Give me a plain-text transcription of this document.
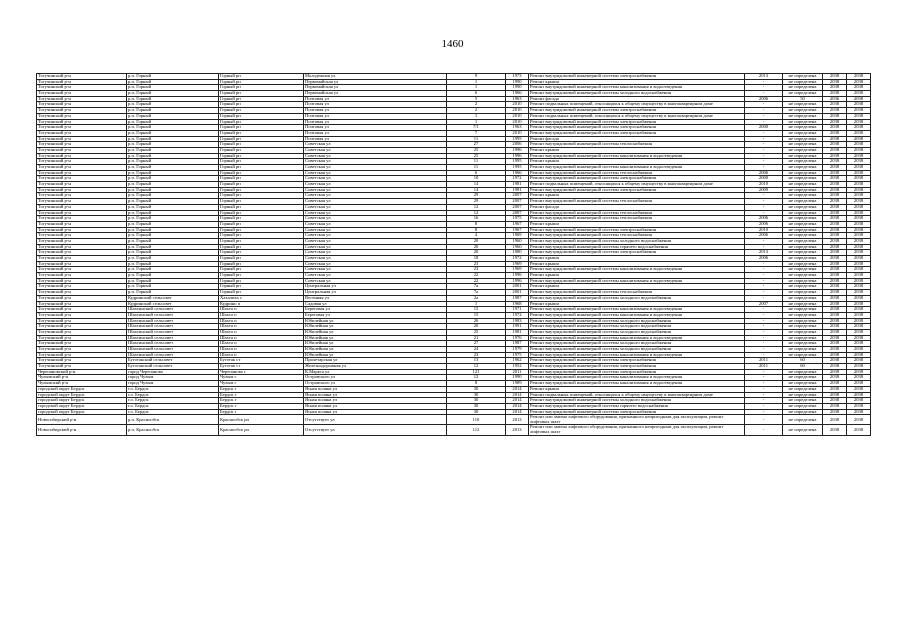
1460
Тогучинский р-н	р.п. Горный	Горный рп	Молодежная ул	9	1973	Ремонт внутридомовой инженерной системы электроснабжения	2013	не определена	2038	2038
Тогучинский р-н	р.п. Горный	Горный рп	Первомайская ул	1	1990	Ремонт крыши	-	не определена	2038	2038
Тогучинский р-н	р.п. Горный	Горный рп	Первомайская ул	1	1990	Ремонт внутридомовой инженерной системы канализования и водоотведения	-	не определена	2038	2038
Тогучинский р-н	р.п. Горный	Горный рп	Первомайская ул	6	1966	Ремонт внутридомовой инженерной системы холодного водоснабжения	-	не определена	2038	2038
Тогучинский р-н	р.п. Горный	Горный рп	Почтовая ул	5	1963	Ремонт фасада	2006	50	2036	2038
Тогучинский р-н	р.п. Горный	Горный рп	Почтовая ул	2	2010	Ремонт подвальных помещений, относящихся к общему имуществу в многоквартирном доме	-	не определена	2038	2038
Тогучинский р-н	р.п. Горный	Горный рп	Почтовая ул	2	2010	Ремонт внутридомовой инженерной системы электроснабжения	-	не определена	2038	2038
Тогучинский р-н	р.п. Горный	Горный рп	Почтовая ул	1	2010	Ремонт подвальных помещений, относящихся к общему имуществу в многоквартирном доме	-	не определена	2038	2038
Тогучинский р-н	р.п. Горный	Горный рп	Почтовая ул	1	2010	Ремонт внутридомовой инженерной системы электроснабжения	-	не определена	2038	2038
Тогучинский р-н	р.п. Горный	Горный рп	Почтовая ул	7/1	1963	Ремонт внутридомовой инженерной системы электроснабжения	2000	не определена	2038	2038
Тогучинский р-н	р.п. Горный	Горный рп	Почтовая ул	7	2010	Ремонт внутридомовой инженерной системы электроснабжения	-	не определена	2038	2038
Тогучинский р-н	р.п. Горный	Горный рп	Почтовая ул	11	1995	Ремонт фасада	-	не определена	2038	2038
Тогучинский р-н	р.п. Горный	Горный рп	Советская ул	27	2006	Ремонт внутридомовой инженерной системы теплоснабжения	-	не определена	2038	2038
Тогучинский р-н	р.п. Горный	Горный рп	Советская ул	25	1996	Ремонт крыши	-	не определена	2038	2038
Тогучинский р-н	р.п. Горный	Горный рп	Советская ул	25	1996	Ремонт внутридомовой инженерной системы канализования и водоотведения	-	не определена	2038	2038
Тогучинский р-н	р.п. Горный	Горный рп	Советская ул	11	1995	Ремонт крыши	-	не определена	2038	2038
Тогучинский р-н	р.п. Горный	Горный рп	Советская ул	11	1995	Ремонт внутридомовой инженерной системы канализования и водоотведения	-	не определена	2038	2038
Тогучинский р-н	р.п. Горный	Горный рп	Советская ул	6	1966	Ремонт внутридомовой инженерной системы теплоснабжения	2006	не определена	2038	2038
Тогучинский р-н	р.п. Горный	Горный рп	Советская ул	10	1972	Ремонт внутридомовой инженерной системы электроснабжения	2000	не определена	2038	2038
Тогучинский р-н	р.п. Горный	Горный рп	Советская ул	14	1981	Ремонт подвальных помещений, относящихся к общему имуществу в многоквартирном доме	2010	не определена	2038	2038
Тогучинский р-н	р.п. Горный	Горный рп	Советская ул	14	1981	Ремонт внутридомовой инженерной системы электроснабжения	2009	не определена	2038	2038
Тогучинский р-н	р.п. Горный	Горный рп	Советская ул	29	2007	Ремонт крыши	-	не определена	2038	2038
Тогучинский р-н	р.п. Горный	Горный рп	Советская ул	29	2007	Ремонт внутридомовой инженерной системы теплоснабжения	-	не определена	2038	2038
Тогучинский р-н	р.п. Горный	Горный рп	Советская ул	12	2007	Ремонт фасада	-	не определена	2038	2038
Тогучинский р-н	р.п. Горный	Горный рп	Советская ул	12	2007	Ремонт внутридомовой инженерной системы теплоснабжения	-	не определена	2038	2038
Тогучинский р-н	р.п. Горный	Горный рп	Советская ул	16	1975	Ремонт внутридомовой инженерной системы теплоснабжения	2006	не определена	2038	2038
Тогучинский р-н	р.п. Горный	Горный рп	Советская ул	8	1967	Ремонт крыши	2006	не определена	2038	2038
Тогучинский р-н	р.п. Горный	Горный рп	Советская ул	8	1967	Ремонт внутридомовой инженерной системы электроснабжения	2010	не определена	2038	2038
Тогучинский р-н	р.п. Горный	Горный рп	Советская ул	4	1969	Ремонт внутридомовой инженерной системы теплоснабжения	2006	не определена	2038	2038
Тогучинский р-н	р.п. Горный	Горный рп	Советская ул	20	1960	Ремонт внутридомовой инженерной системы холодного водоснабжения	-	не определена	2038	2038
Тогучинский р-н	р.п. Горный	Горный рп	Советская ул	20	1960	Ремонт внутридомовой инженерной системы горячего водоснабжения	-	не определена	2038	2038
Тогучинский р-н	р.п. Горный	Горный рп	Советская ул	20	1980	Ремонт внутридомовой инженерной системы электроснабжения	2013	не определена	2038	2038
Тогучинский р-н	р.п. Горный	Горный рп	Советская ул	18	1972	Ремонт крыши	2006	не определена	2038	2038
Тогучинский р-н	р.п. Горный	Горный рп	Советская ул	23	1969	Ремонт крыши	-	не определена	2038	2038
Тогучинский р-н	р.п. Горный	Горный рп	Советская ул	23	1969	Ремонт внутридомовой инженерной системы канализования и водоотведения	-	не определена	2038	2038
Тогучинский р-н	р.п. Горный	Горный рп	Советская ул	22	1996	Ремонт крыши	-	не определена	2038	2038
Тогучинский р-н	р.п. Горный	Горный рп	Советская ул	22	1996	Ремонт внутридомовой инженерной системы канализования и водоотведения	-	не определена	2038	2038
Тогучинский р-н	р.п. Горный	Горный рп	Центральная ул	7а	2001	Ремонт крыши	-	не определена	2038	2038
Тогучинский р-н	р.п. Горный	Горный рп	Центральная ул	7а	2001	Ремонт внутридомовой инженерной системы теплоснабжения	-	не определена	2038	2038
Тогучинский р-н	Кудринский сельсовет	Хахалиха с	Весенняя ул	2а	1987	Ремонт внутридомовой инженерной системы холодного водоснабжения	-	не определена	2038	2038
Тогучинский р-н	Кудринский сельсовет	Кудрино п	Садовая ул	1	1968	Ремонт крыши	2007	не определена	2038	2038
Тогучинский р-н	Шахтинский сельсовет	Шахта п	Береговая ул	15	1971	Ремонт внутридомовой инженерной системы канализования и водоотведения	-	не определена	2038	2038
Тогучинский р-н	Шахтинский сельсовет	Шахта п	Береговая ул	15	1972	Ремонт внутридомовой инженерной системы канализования и водоотведения	-	не определена	2038	2038
Тогучинский р-н	Шахтинский сельсовет	Шахта п	Юбилейная ул	26	1983	Ремонт внутридомовой инженерной системы холодного водоснабжения	-	не определена	2038	2038
Тогучинский р-н	Шахтинский сельсовет	Шахта п	Юбилейная ул	20	1991	Ремонт внутридомовой инженерной системы холодного водоснабжения	-	не определена	2038	2038
Тогучинский р-н	Шахтинский сельсовет	Шахта п	Юбилейная ул	25	1981	Ремонт внутридомовой инженерной системы холодного водоснабжения	-	не определена	2038	2038
Тогучинский р-н	Шахтинский сельсовет	Шахта п	Юбилейная ул	21	1976	Ремонт внутридомовой инженерной системы канализования и водоотведения	-	не определена	2038	2038
Тогучинский р-н	Шахтинский сельсовет	Шахта п	Юбилейная ул	27	1987	Ремонт внутридомовой инженерной системы холодного водоснабжения	-	не определена	2038	2038
Тогучинский р-н	Шахтинский сельсовет	Шахта п	Юбилейная ул	24	1979	Ремонт внутридомовой инженерной системы холодного водоснабжения	-	не определена	2038	2038
Тогучинский р-н	Шахтинский сельсовет	Шахта п	Юбилейная ул	23	1975	Ремонт внутридомовой инженерной системы канализования и водоотведения	-	не определена	2038	2038
Тогучинский р-н	Буготакский сельсовет	Буготак ст	Пролетарская ул	13	1962	Ремонт внутридомовой инженерной системы электроснабжения	2011	60	2038	2038
Тогучинский р-н	Буготакский сельсовет	Буготак ст	Железнодорожная ул	12	1952	Ремонт внутридомовой инженерной системы электроснабжения	2011	60	2038	2038
Черепановский р-н	город Черепаново	Черепаново г	К.Маркса ул	121	2011	Ремонт внутридомовой инженерной системы электроснабжения	-	не определена	2038	2038
Чулымский р-н	город Чулым	Чулым г	Островского ул	12	1990	Ремонт внутридомовой инженерной системы канализования и водоотведения	-	не определена	2038	2038
Чулымский р-н	город Чулым	Чулым г	Островского ул	8	1989	Ремонт внутридомовой инженерной системы канализования и водоотведения	-	не определена	2038	2038
городской округ Бердск	г.о. Бердск	Бердск г	Ясная поляна ул	30	2014	Ремонт крыши	-	не определена	2038	2038
городской округ Бердск	г.о. Бердск	Бердск г	Ясная поляна ул	30	2014	Ремонт подвальных помещений, относящихся к общему имуществу в многоквартирном доме	-	не определена	2038	2038
городской округ Бердск	г.о. Бердск	Бердск г	Ясная поляна ул	30	2014	Ремонт внутридомовой инженерной системы холодного водоснабжения	-	не определена	2038	2038
городской округ Бердск	г.о. Бердск	Бердск г	Ясная поляна ул	30	2014	Ремонт внутридомовой инженерной системы горячего водоснабжения	-	не определена	2038	2038
городской округ Бердск	г.о. Бердск	Бердск г	Ясная поляна ул	30	2014	Ремонт внутридомовой инженерной системы электроснабжения	-	не определена	2038	2038
Новосибирский р-н	р.п. Краснообск	Краснообск рп	Отсутствует ул	110	2013	Ремонт или замена лифтового оборудования, признанного непригодным для эксплуатации, ремонт лифтовых шахт	-	не определена	2038	2038
Новосибирский р-н	р.п. Краснообск	Краснообск рп	Отсутствует ул	112	2013	Ремонт или замена лифтового оборудования, признанного непригодным для эксплуатации, ремонт лифтовых шахт	-	не определена	2038	2038
